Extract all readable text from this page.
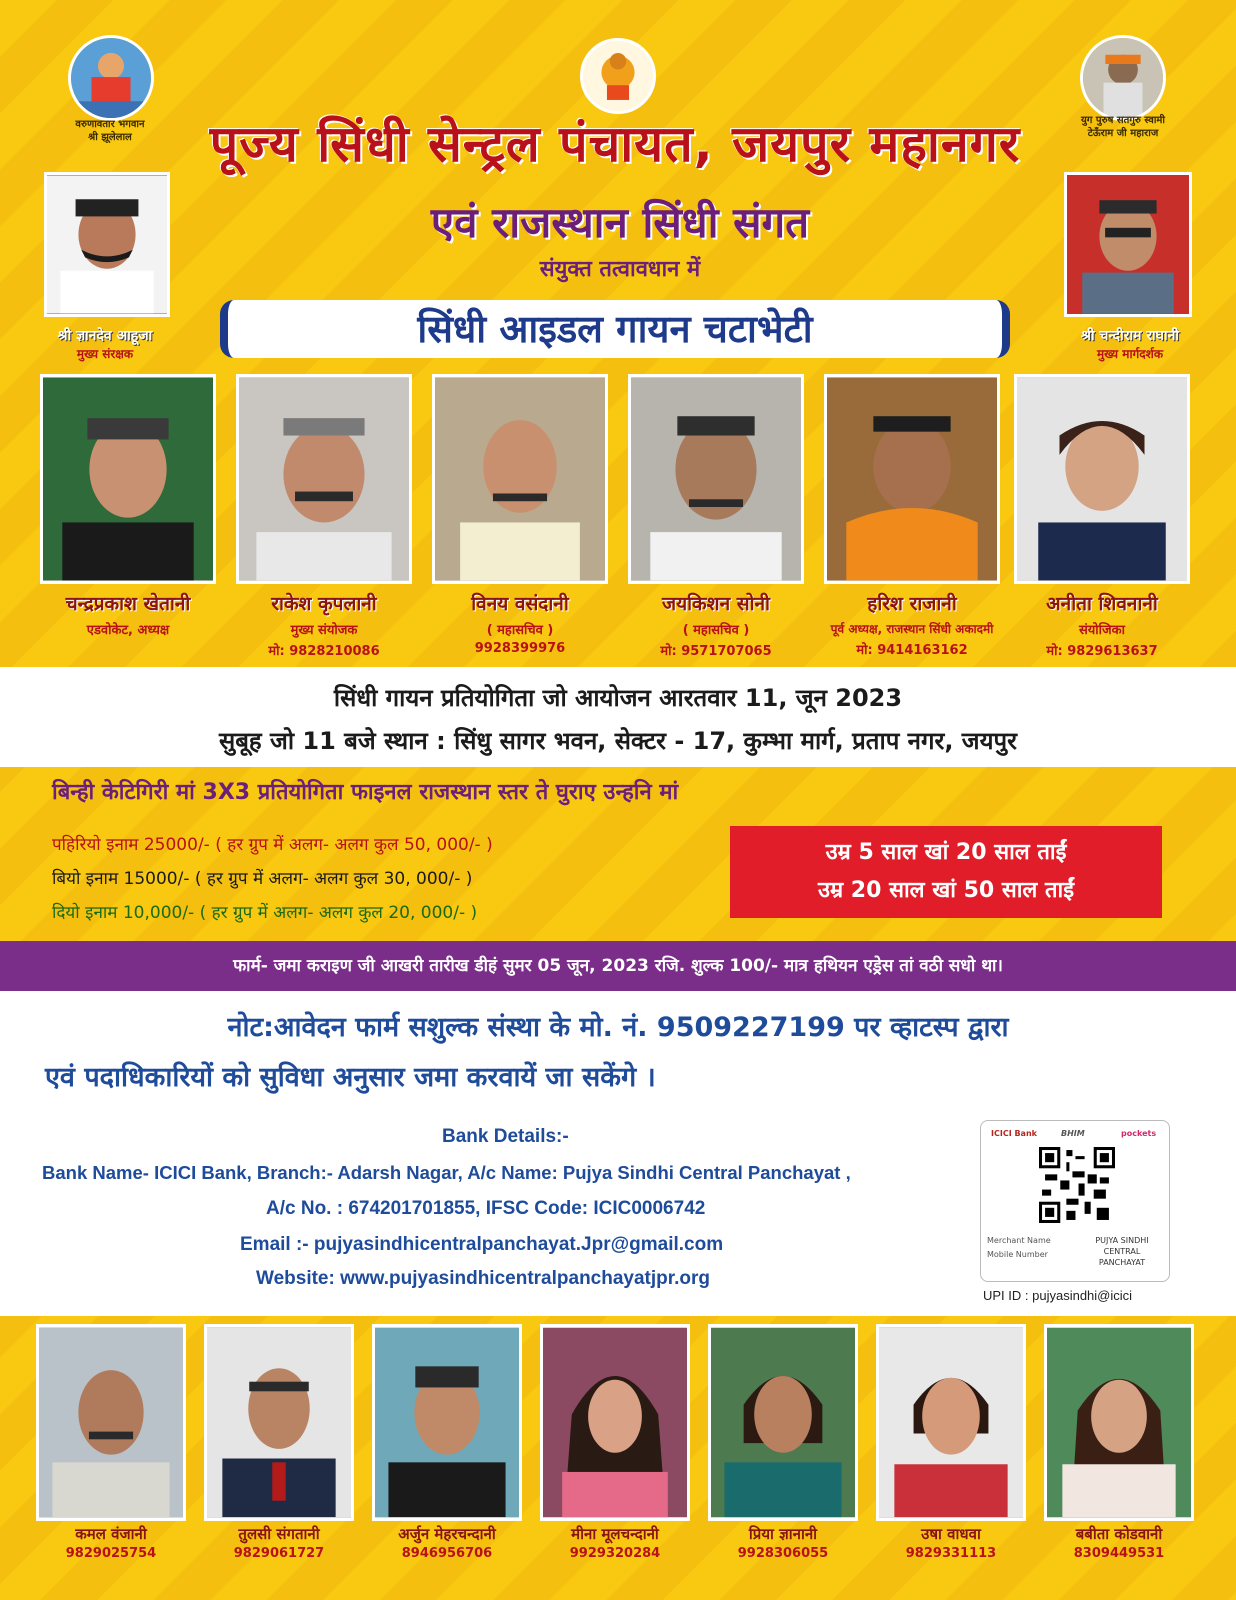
वरुणावतार भगवान
श्री झूलेलाल
युग पुरुष सतगुरु स्वामी
टेऊँराम जी महाराज
पूज्य सिंधी सेन्ट्रल पंचायत, जयपुर महानगर
एवं राजस्थान सिंधी संगत
संयुक्त तत्वावधान में
सिंधी आइडल गायन चटाभेटी
श्री ज्ञानदेव आहूजा
मुख्य संरक्षक
श्री चन्दीराम राघानी
मुख्य मार्गदर्शक
चन्द्रप्रकाश खेतानी
एडवोकेट, अध्यक्ष
राकेश कृपलानी
मुख्य संयोजक
मो: 9828210086
विनय वसंदानी
( महासचिव )
9928399976
जयकिशन सोनी
( महासचिव )
मो: 9571707065
हरिश राजानी
पूर्व अध्यक्ष, राजस्थान सिंधी अकादमी
मो: 9414163162
अनीता शिवनानी
संयोजिका
मो: 9829613637
सिंधी गायन प्रतियोगिता जो आयोजन आरतवार 11, जून 2023
सुबूह जो 11 बजे स्थान : सिंधु सागर भवन, सेक्टर - 17, कुम्भा मार्ग, प्रताप नगर, जयपुर
बिन्ही केटिगिरी मां 3X3 प्रतियोगिता फाइनल राजस्थान स्तर ते घुराए उन्हनि मां
पहिरियो इनाम 25000/- ( हर ग्रुप में अलग- अलग कुल 50, 000/- )
बियो इनाम 15000/- ( हर ग्रुप में अलग- अलग कुल 30, 000/- )
दियो इनाम 10,000/- ( हर ग्रुप में अलग- अलग कुल 20, 000/- )
उम्र 5 साल खां 20 साल ताईं
उम्र 20 साल खां 50 साल ताईं
फार्म- जमा कराइण जी आखरी तारीख डीहं सुमर 05 जून, 2023 रजि. शुल्क 100/- मात्र हथियन एड्रेस तां वठी सधो था।
नोट:आवेदन फार्म सशुल्क संस्था के मो. नं. 9509227199 पर व्हाटस्प द्वारा
एवं पदाधिकारियों को सुविधा अनुसार जमा करवायें जा सकेंगे ।
Bank Details:-
Bank Name- ICICI Bank, Branch:- Adarsh Nagar, A/c Name: Pujya Sindhi Central Panchayat ,
A/c No. : 674201701855, IFSC Code: ICIC0006742
Email :- pujyasindhicentralpanchayat.Jpr@gmail.com
Website: www.pujyasindhicentralpanchayatjpr.org
ICICI Bank	BHIM	pockets
Merchant Name
Mobile Number
PUJYA SINDHI CENTRAL PANCHAYAT
UPI ID : pujyasindhi@icici
कमल वंजानी
9829025754
तुलसी संगतानी
9829061727
अर्जुन मेहरचन्दानी
8946956706
मीना मूलचन्दानी
9929320284
प्रिया ज्ञानानी
9928306055
उषा वाधवा
9829331113
बबीता कोडवानी
8309449531
